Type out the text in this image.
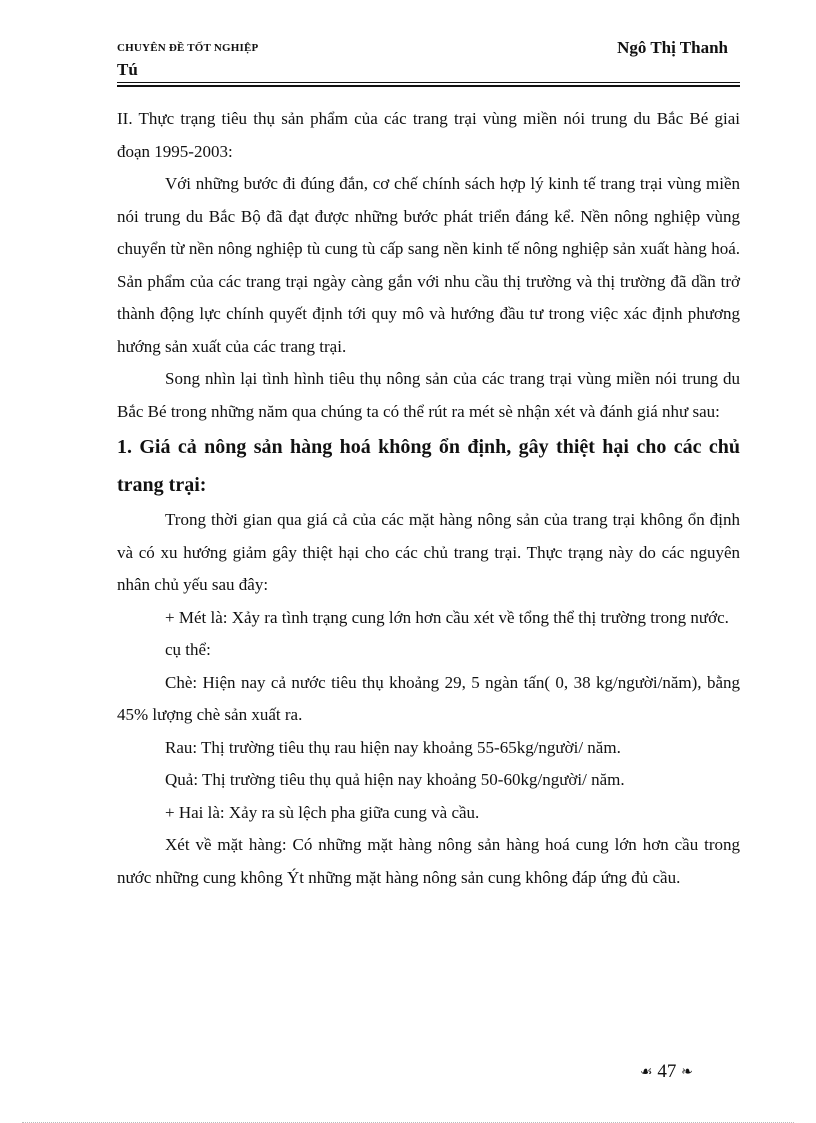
CHUYÊN ĐỀ TỐT NGHIỆP	Ngô Thị Thanh
Tú

II. Thực trạng tiêu thụ sản phẩm của các trang trại vùng miền nói trung du Bắc Bé giai đoạn 1995-2003:

Với những bước đi đúng đắn, cơ chế chính sách hợp lý kinh tế trang trại vùng miền nói trung du Bắc Bộ đã đạt được những bước phát triển đáng kể. Nền nông nghiệp vùng chuyển từ nền nông nghiệp tù cung tù cấp sang nền kinh tế nông nghiệp sản xuất hàng hoá. Sản phẩm của các trang trại ngày càng gắn với nhu cầu thị trường và thị trường đã dần trở thành động lực chính quyết định tới quy mô và hướng đầu tư trong việc xác định phương hướng sản xuất của các trang trại.

Song nhìn lại tình hình tiêu thụ nông sản của các trang trại vùng miền nói trung du Bắc Bé trong những năm qua chúng ta có thể rút ra mét sè nhận xét và đánh giá như sau:

1. Giá cả nông sản hàng hoá không ổn định, gây thiệt hại cho các chủ trang trại:

Trong thời gian qua giá cả của các mặt hàng nông sản của trang trại không ổn định và có xu hướng giảm gây thiệt hại cho các chủ trang trại. Thực trạng này do các nguyên nhân chủ yếu sau đây:

+ Mét là: Xảy ra tình trạng cung lớn hơn cầu xét về tổng thể thị trường trong nước.

cụ thể:

Chè: Hiện nay cả nước tiêu thụ khoảng 29, 5 ngàn tấn( 0, 38 kg/người/năm), bằng 45% lượng chè sản xuất ra.

Rau: Thị trường tiêu thụ rau hiện nay khoảng 55-65kg/người/ năm.

Quả: Thị trường tiêu thụ quả hiện nay khoảng 50-60kg/người/ năm.

+ Hai là: Xảy ra sù lệch pha giữa cung và cầu.

Xét về mặt hàng: Có những mặt hàng nông sản hàng hoá cung lớn hơn cầu trong nước những cung không Ýt những mặt hàng nông sản cung không đáp ứng đủ cầu.

☙ 47 ❧
